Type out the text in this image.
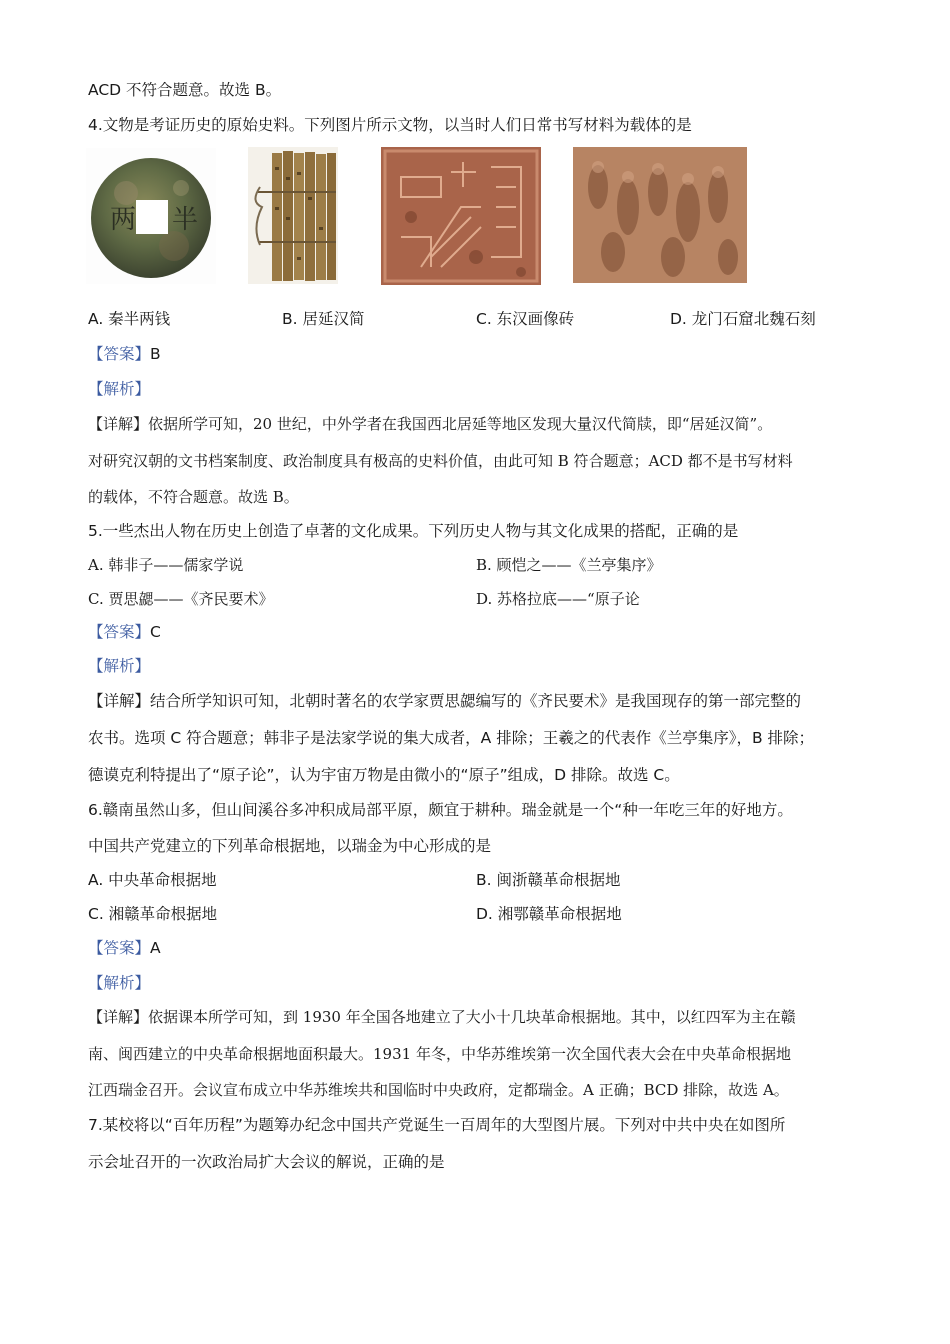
ACD 不符合题意。故选 B。
4.文物是考证历史的原始史料。下列图片所示文物，以当时人们日常书写材料为载体的是
两 半
A. 秦半两钱	B. 居延汉简	C. 东汉画像砖	D. 龙门石窟北魏石刻
【答案】B
【解析】
【详解】依据所学可知，20 世纪，中外学者在我国西北居延等地区发现大量汉代简牍，即“居延汉简”。
对研究汉朝的文书档案制度、政治制度具有极高的史料价值，由此可知 B 符合题意；ACD 都不是书写材料
的载体，不符合题意。故选 B。
5.一些杰出人物在历史上创造了卓著的文化成果。下列历史人物与其文化成果的搭配，正确的是
A. 韩非子——儒家学说	B. 顾恺之——《兰亭集序》
C. 贾思勰——《齐民要术》	D. 苏格拉底——“原子论
【答案】C
【解析】
【详解】结合所学知识可知，北朝时著名的农学家贾思勰编写的《齐民要术》是我国现存的第一部完整的
农书。选项 C 符合题意；韩非子是法家学说的集大成者，A 排除；王羲之的代表作《兰亭集序》，B 排除；
德谟克利特提出了“原子论”，认为宇宙万物是由微小的“原子”组成，D 排除。故选 C。
6.赣南虽然山多，但山间溪谷多冲积成局部平原，颇宜于耕种。瑞金就是一个“种一年吃三年的好地方。
中国共产党建立的下列革命根据地，以瑞金为中心形成的是
A. 中央革命根据地	B. 闽浙赣革命根据地
C. 湘赣革命根据地	D. 湘鄂赣革命根据地
【答案】A
【解析】
【详解】依据课本所学可知，到 1930 年全国各地建立了大小十几块革命根据地。其中，以红四军为主在赣
南、闽西建立的中央革命根据地面积最大。1931 年冬，中华苏维埃第一次全国代表大会在中央革命根据地
江西瑞金召开。会议宣布成立中华苏维埃共和国临时中央政府，定都瑞金。A 正确；BCD 排除，故选 A。
7.某校将以“百年历程”为题筹办纪念中国共产党诞生一百周年的大型图片展。下列对中共中央在如图所
示会址召开的一次政治局扩大会议的解说，正确的是
